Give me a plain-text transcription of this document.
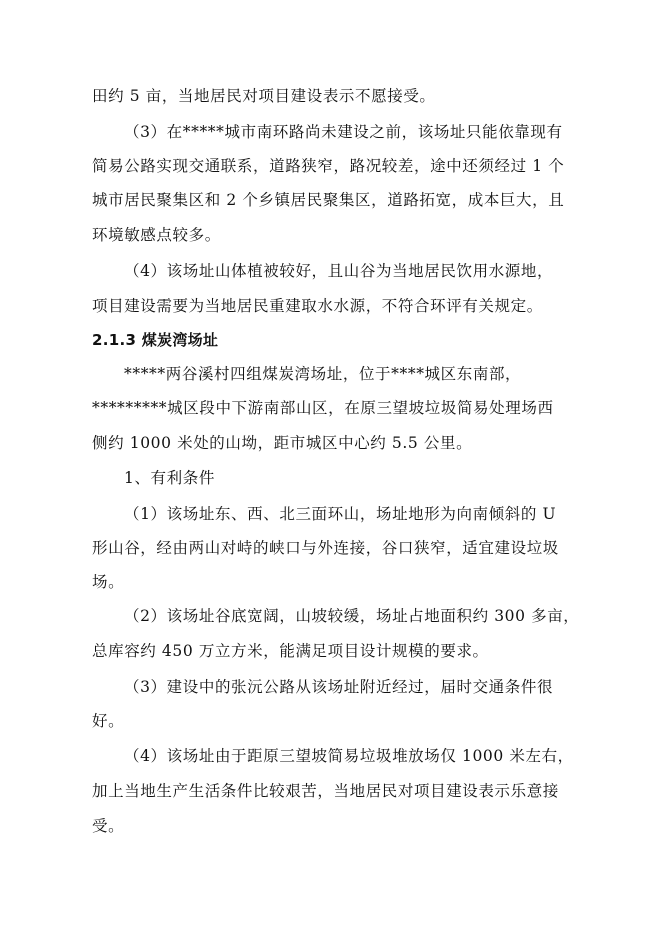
田约 5 亩，当地居民对项目建设表示不愿接受。
（3）在*****城市南环路尚未建设之前，该场址只能依靠现有
简易公路实现交通联系，道路狭窄，路况较差，途中还须经过 1 个
城市居民聚集区和 2 个乡镇居民聚集区，道路拓宽，成本巨大，且
环境敏感点较多。
（4）该场址山体植被较好，且山谷为当地居民饮用水源地，
项目建设需要为当地居民重建取水水源，不符合环评有关规定。
2.1.3 煤炭湾场址
*****两谷溪村四组煤炭湾场址，位于****城区东南部，
*********城区段中下游南部山区，在原三望坡垃圾简易处理场西
侧约 1000 米处的山坳，距市城区中心约 5.5 公里。
1、有利条件
（1）该场址东、西、北三面环山，场址地形为向南倾斜的 U
形山谷，经由两山对峙的峡口与外连接，谷口狭窄，适宜建设垃圾
场。
（2）该场址谷底宽阔，山坡较缓，场址占地面积约 300 多亩，
总库容约 450 万立方米，能满足项目设计规模的要求。
（3）建设中的张沅公路从该场址附近经过，届时交通条件很
好。
（4）该场址由于距原三望坡简易垃圾堆放场仅 1000 米左右，
加上当地生产生活条件比较艰苦，当地居民对项目建设表示乐意接
受。
